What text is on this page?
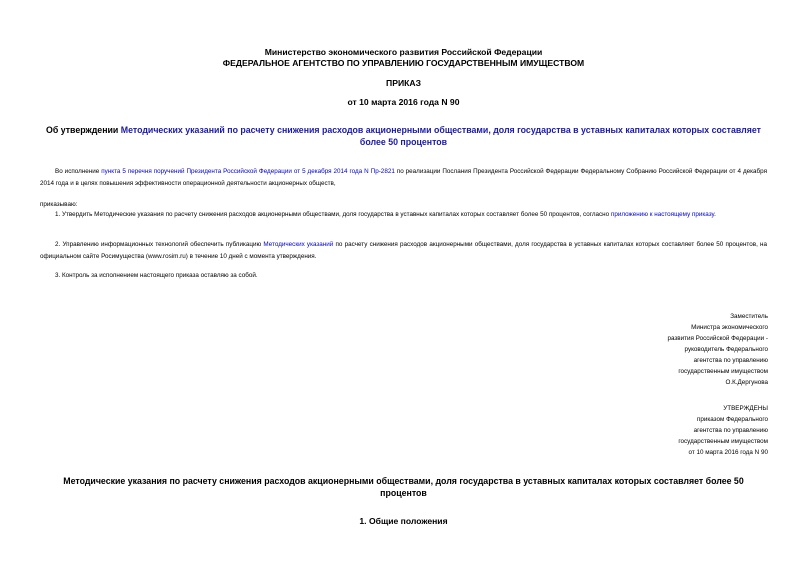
Министерство экономического развития Российской Федерации
ФЕДЕРАЛЬНОЕ АГЕНТСТВО ПО УПРАВЛЕНИЮ ГОСУДАРСТВЕННЫМ ИМУЩЕСТВОМ
ПРИКАЗ
от 10 марта 2016 года N 90
Об утверждении Методических указаний по расчету снижения расходов акционерными обществами, доля государства в уставных капиталах которых составляет более 50 процентов
Во исполнение пункта 5 перечня поручений Президента Российской Федерации от 5 декабря 2014 года N Пр-2821 по реализации Послания Президента Российской Федерации Федеральному Собранию Российской Федерации от 4 декабря 2014 года и в целях повышения эффективности операционной деятельности акционерных обществ,
приказываю:
1. Утвердить Методические указания по расчету снижения расходов акционерными обществами, доля государства в уставных капиталах которых составляет более 50 процентов, согласно приложению к настоящему приказу.
2. Управлению информационных технологий обеспечить публикацию Методических указаний по расчету снижения расходов акционерными обществами, доля государства в уставных капиталах которых составляет более 50 процентов, на официальном сайте Росимущества (www.rosim.ru) в течение 10 дней с момента утверждения.
3. Контроль за исполнением настоящего приказа оставляю за собой.
Заместитель
Министра экономического
развития Российской Федерации -
руководитель Федерального
агентства по управлению
государственным имуществом
О.К.Дергунова
УТВЕРЖДЕНЫ
приказом Федерального
агентства по управлению
государственным имуществом
от 10 марта 2016 года N 90
Методические указания по расчету снижения расходов акционерными обществами, доля государства в уставных капиталах которых составляет более 50 процентов
1. Общие положения
